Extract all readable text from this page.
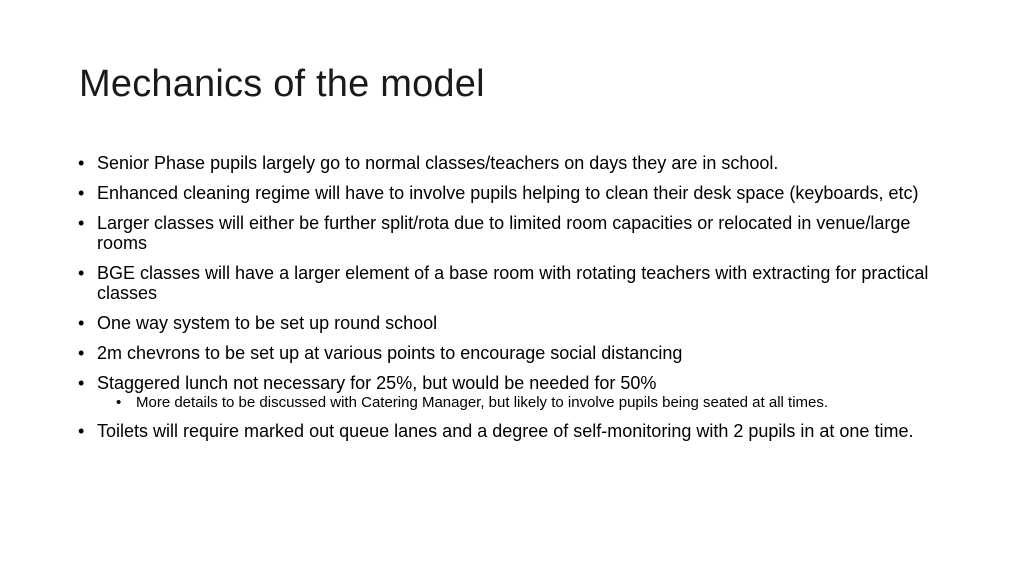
Mechanics of the model
• Senior Phase pupils largely go to normal classes/teachers on days they are in school.
• Enhanced cleaning regime will have to involve pupils helping to clean their desk space (keyboards, etc)
• Larger classes will either be further split/rota due to limited room capacities or relocated in venue/large rooms
• BGE classes will have a larger element of a base room with rotating teachers with extracting for practical classes
• One way system to be set up round school
• 2m chevrons to be set up at various points to encourage social distancing
• Staggered lunch not necessary for 25%, but would be needed for 50%
• More details to be discussed with Catering Manager, but likely to involve pupils being seated at all times.
• Toilets will require marked out queue lanes and a degree of self-monitoring with 2 pupils in at one time.
